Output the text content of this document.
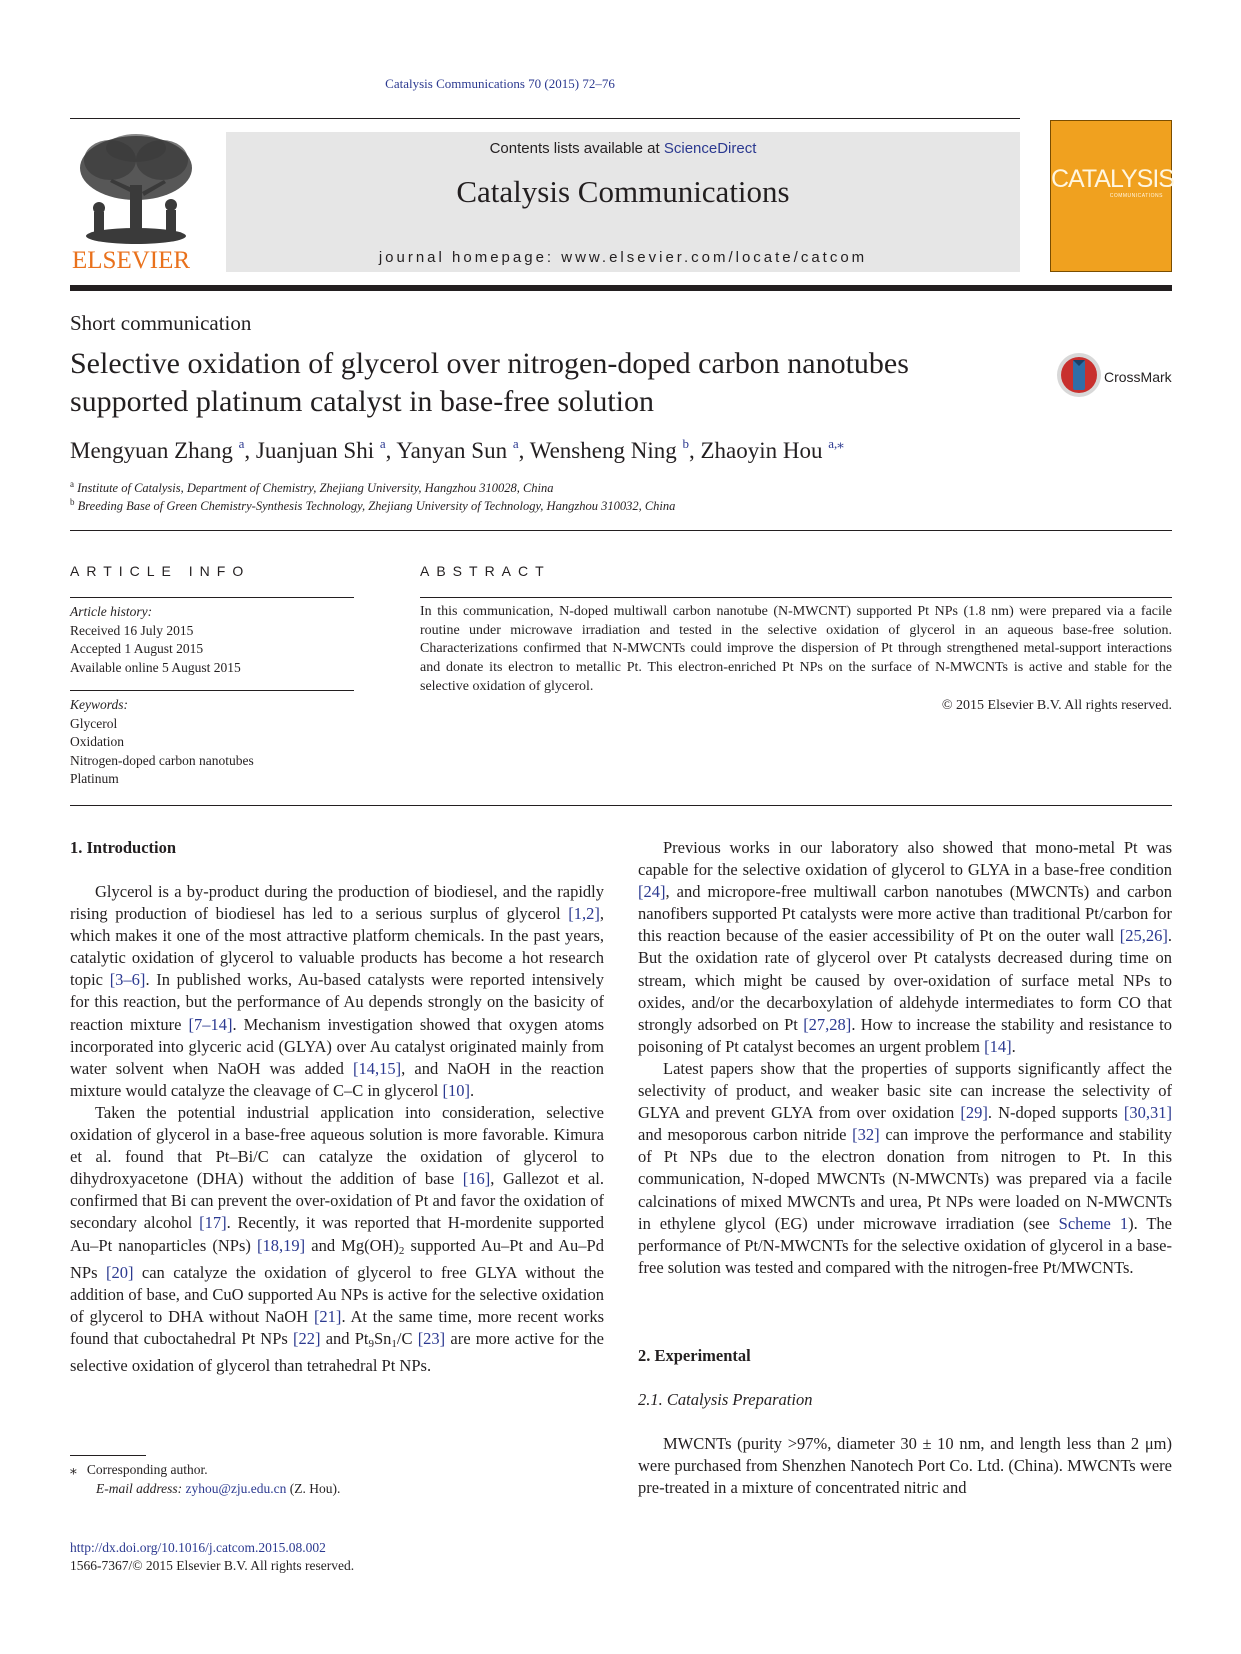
Catalysis Communications 70 (2015) 72–76
ELSEVIER
Contents lists available at ScienceDirect
Catalysis Communications
journal homepage: www.elsevier.com/locate/catcom
CATALYSIS
COMMUNICATIONS
Short communication
Selective oxidation of glycerol over nitrogen-doped carbon nanotubes supported platinum catalyst in base-free solution
CrossMark
Mengyuan Zhang $^a$, Juanjuan Shi $^a$, Yanyan Sun $^a$, Wensheng Ning $^b$, Zhaoyin Hou $^{a,⁎}$
$^a$ Institute of Catalysis, Department of Chemistry, Zhejiang University, Hangzhou 310028, China
$^b$ Breeding Base of Green Chemistry-Synthesis Technology, Zhejiang University of Technology, Hangzhou 310032, China
ARTICLE INFO	ABSTRACT
Article history:
Received 16 July 2015
Accepted 1 August 2015
Available online 5 August 2015
Keywords:
Glycerol
Oxidation
Nitrogen-doped carbon nanotubes
Platinum
In this communication, N-doped multiwall carbon nanotube (N-MWCNT) supported Pt NPs (1.8 nm) were prepared via a facile routine under microwave irradiation and tested in the selective oxidation of glycerol in an aqueous base-free solution. Characterizations confirmed that N-MWCNTs could improve the dispersion of Pt through strengthened metal-support interactions and donate its electron to metallic Pt. This electron-enriched Pt NPs on the surface of N-MWCNTs is active and stable for the selective oxidation of glycerol.
© 2015 Elsevier B.V. All rights reserved.
1. Introduction

Glycerol is a by-product during the production of biodiesel, and the rapidly rising production of biodiesel has led to a serious surplus of glycerol [1,2], which makes it one of the most attractive platform chemicals. In the past years, catalytic oxidation of glycerol to valuable products has become a hot research topic [3–6]. In published works, Au-based catalysts were reported intensively for this reaction, but the performance of Au depends strongly on the basicity of reaction mixture [7–14]. Mechanism investigation showed that oxygen atoms incorporated into glyceric acid (GLYA) over Au catalyst originated mainly from water solvent when NaOH was added [14,15], and NaOH in the reaction mixture would catalyze the cleavage of C–C in glycerol [10].

Taken the potential industrial application into consideration, selective oxidation of glycerol in a base-free aqueous solution is more favorable. Kimura et al. found that Pt–Bi/C can catalyze the oxidation of glycerol to dihydroxyacetone (DHA) without the addition of base [16], Gallezot et al. confirmed that Bi can prevent the over-oxidation of Pt and favor the oxidation of secondary alcohol [17]. Recently, it was reported that H-mordenite supported Au–Pt nanoparticles (NPs) [18,19] and $Mg(OH)_2$ supported Au–Pt and Au–Pd NPs [20] can catalyze the oxidation of glycerol to free GLYA without the addition of base, and CuO supported Au NPs is active for the selective oxidation of glycerol to DHA without NaOH [21]. At the same time, more recent works found that cuboctahedral Pt NPs [22] and $Pt_9Sn_1/C$ [23] are more active for the selective oxidation of glycerol than tetrahedral Pt NPs.

Previous works in our laboratory also showed that mono-metal Pt was capable for the selective oxidation of glycerol to GLYA in a base-free condition [24], and micropore-free multiwall carbon nanotubes (MWCNTs) and carbon nanofibers supported Pt catalysts were more active than traditional Pt/carbon for this reaction because of the easier accessibility of Pt on the outer wall [25,26]. But the oxidation rate of glycerol over Pt catalysts decreased during time on stream, which might be caused by over-oxidation of surface metal NPs to oxides, and/or the decarboxylation of aldehyde intermediates to form CO that strongly adsorbed on Pt [27,28]. How to increase the stability and resistance to poisoning of Pt catalyst becomes an urgent problem [14].

Latest papers show that the properties of supports significantly affect the selectivity of product, and weaker basic site can increase the selectivity of GLYA and prevent GLYA from over oxidation [29]. N-doped supports [30,31] and mesoporous carbon nitride [32] can improve the performance and stability of Pt NPs due to the electron donation from nitrogen to Pt. In this communication, N-doped MWCNTs (N-MWCNTs) was prepared via a facile calcinations of mixed MWCNTs and urea, Pt NPs were loaded on N-MWCNTs in ethylene glycol (EG) under microwave irradiation (see Scheme 1). The performance of Pt/N-MWCNTs for the selective oxidation of glycerol in a base-free solution was tested and compared with the nitrogen-free Pt/MWCNTs.

2. Experimental
2.1. Catalysis Preparation

MWCNTs (purity >97%, diameter 30 ± 10 nm, and length less than 2 μm) were purchased from Shenzhen Nanotech Port Co. Ltd. (China). MWCNTs were pre-treated in a mixture of concentrated nitric and

⁎ Corresponding author.
E-mail address: zyhou@zju.edu.cn (Z. Hou).
http://dx.doi.org/10.1016/j.catcom.2015.08.002
1566-7367/© 2015 Elsevier B.V. All rights reserved.
